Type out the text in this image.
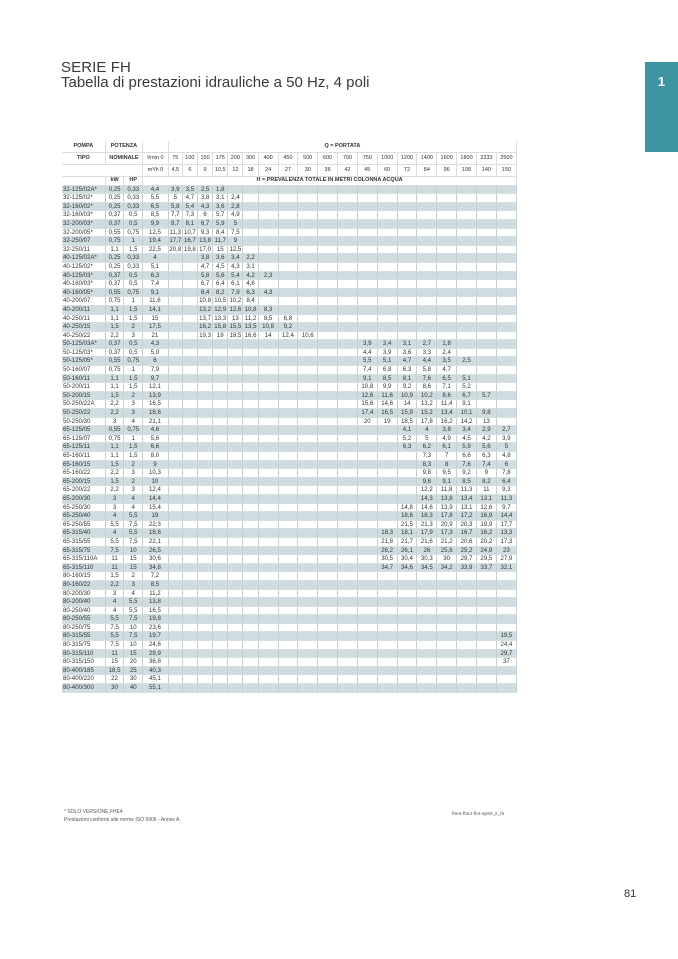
SERIE FH
Tabella di prestazioni idrauliche a 50 Hz, 4 poli	1
POMPA	POTENZA			Q = PORTATA																		
TIPO	NOMINALE		l/min 0	75	100	150	175	200	300	400	450	500	600	700	750	1000	1200	1400	1600	1800	2333	2500
			m³/h 0	4,5	6	9	10,5	12	18	24	27	30	36	42	45	60	72	84	96	108	140	150
	kW	HP	H = PREVALENZA TOTALE IN METRI COLONNA ACQUA																			
32-125/02A*	0,25	0,33	4,4	3,9	3,5	2,5	1,8															
32-125/02*	0,25	0,33	5,5	5	4,7	3,8	3,1	2,4														
32-160/02*	0,25	0,33	6,5	5,8	5,4	4,3	3,6	2,8														
32-160/03*	0,37	0,5	8,5	7,7	7,3	6	5,7	4,9														
32-200/03*	0,37	0,5	9,9	8,7	8,1	6,7	5,9	5														
32-200/05*	0,55	0,75	12,5	11,3	10,7	9,3	8,4	7,5														
32-250/07	0,75	1	19,4	17,7	16,7	13,8	11,7	9														
32-250/11	1,1	1,5	22,5	20,8	19,8	17,0	15	12,5														
40-125/02A*	0,25	0,33	4			3,8	3,6	3,4	2,2													
40-125/02*	0,25	0,33	5,1			4,7	4,5	4,3	3,1													
40-125/03*	0,37	0,5	6,3			5,8	5,6	5,4	4,2	2,3												
40-160/03*	0,37	0,5	7,4			6,7	6,4	6,1	4,6													
40-160/05*	0,55	0,75	9,1			8,4	8,2	7,9	6,3	4,3												
40-200/07	0,75	1	11,6			10,8	10,5	10,2	8,4													
40-200/11	1,1	1,5	14,1			13,2	12,9	12,6	10,8	8,3												
40-250/11	1,1	1,5	15			13,7	13,3	13	11,2	8,5	6,8											
40-250/15	1,5	2	17,5			16,2	15,8	15,5	13,5	10,8	9,2											
40-250/22	2,2	3	21			19,3	19	18,5	16,6	14	12,4	10,6										
50-125/03A*	0,37	0,5	4,3												3,9	3,4	3,1	2,7	1,8			
50-125/03*	0,37	0,5	5,0												4,4	3,9	3,6	3,3	2,4			
50-125/05*	0,55	0,75	6												5,5	5,1	4,7	4,4	3,5	2,5		
50-160/07	0,75	1	7,9												7,4	6,8	6,3	5,8	4,7			
50-160/11	1,1	1,5	9,7												9,1	8,5	8,1	7,6	6,5	5,1		
50-200/11	1,1	1,5	12,1												10,8	9,9	9,2	8,6	7,1	5,2		
50-200/15	1,5	2	13,9												12,6	11,6	10,9	10,2	8,6	6,7	5,7	
50-250/22A	2,2	3	16,5												15,6	14,6	14	13,2	11,4	9,1		
50-250/22	2,2	3	18,6												17,4	16,5	15,9	15,2	13,4	10,1	9,8	
50-250/30	3	4	21,1												20	19	18,5	17,8	16,2	14,2	13	
65-125/05	0,55	0,75	4,6														4,1	4	3,8	3,4	2,9	2,7
65-125/07	0,75	1	5,6														5,2	5	4,9	4,5	4,2	3,9
65-125/11	1,1	1,5	6,6														6,3	6,2	6,1	5,9	5,6	5
65-160/11	1,1	1,5	8,0															7,3	7	6,6	6,3	4,8
65-160/15	1,5	2	9															8,3	8	7,6	7,4	6
65-160/22	2,2	3	10,3															9,8	9,5	9,2	9	7,8
65-200/15	1,5	2	10															9,6	9,1	8,5	8,2	6,4
65-200/22	2,2	3	12,4															12,2	11,8	11,3	11	9,3
65-200/30	3	4	14,4															14,3	13,8	13,4	13,1	11,3
65-250/30	3	4	15,4														14,8	14,6	13,9	13,1	12,6	9,7
65-250/40	4	5,5	19														18,6	18,3	17,8	17,2	16,9	14,4
65-250/55	5,5	7,5	22,3														21,5	21,3	20,9	20,3	19,9	17,7
65-315/40	4	5,5	18,6													18,3	18,1	17,9	17,3	16,7	16,2	13,3
65-315/55	5,5	7,5	22,1													21,8	21,7	21,6	21,2	20,6	20,2	17,3
65-315/75	7,5	10	26,5													26,2	26,1	26	25,6	25,2	24,9	23
65-315/110A	11	15	30,6													30,5	30,4	30,3	30	29,7	29,5	27,9
65-315/110	11	15	34,8													34,7	34,6	34,5	34,2	33,9	33,7	32,1
80-160/15	1,5	2	7,2																			
80-160/22	2,2	3	8,5																			
80-200/30	3	4	11,2																			
80-200/40	4	5,5	13,8																			
80-250/40	4	5,5	16,5																			
80-250/55	5,5	7,5	19,8																			
80-250/75	7,5	10	23,6																			
80-315/55	5,5	7,5	19,7																			19,5
80-315/75	7,5	10	24,6																			24,4
80-315/110	11	15	29,9																			29,7
80-315/150	15	20	36,8																			37
80-400/185	18,5	25	40,3																			
80-400/220	22	30	45,1																			
80-400/300	30	40	55,1																			
* SOLO VERSIONE FHE4
Prestazioni conformi alle norme ISO 9906 - Annex A.
fhe4-fhs4-fh4-4p50_it_th
81
